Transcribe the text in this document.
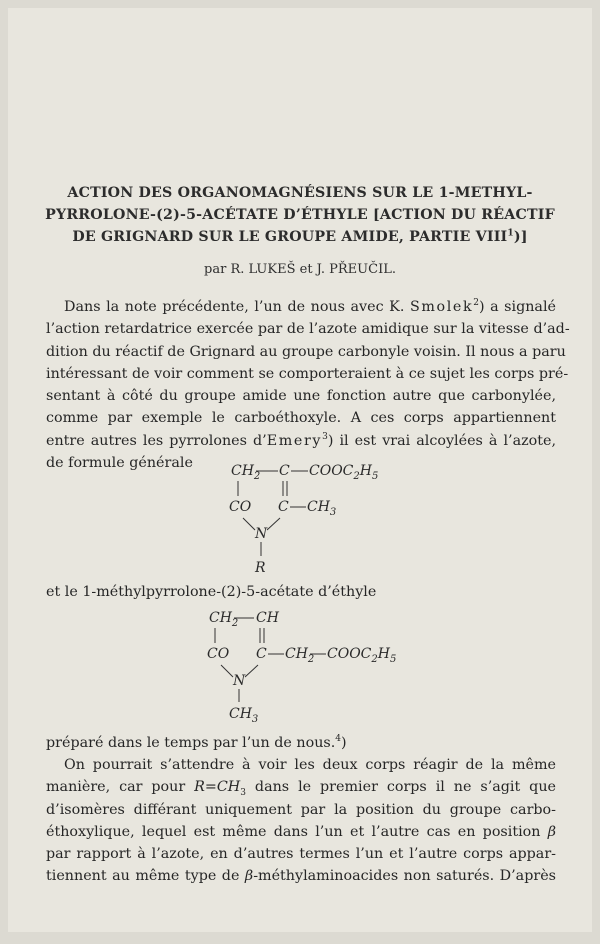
ACTION DES ORGANOMAGNÉSIENS SUR LE 1-METHYL-
PYRROLONE-(2)-5-ACÉTATE D’ÉTHYLE [ACTION DU RÉACTIF
DE GRIGNARD SUR LE GROUPE AMIDE, PARTIE VIII$^1$)]
par R. LUKEŠ et J. PŘEUČIL.
Dans la note précédente, l’un de nous avec K. Smolek$^2$) a signalé
l’action retardatrice exercée par de l’azote amidique sur la vitesse d’ad-
dition du réactif de Grignard au groupe carbonyle voisin. Il nous a paru
intéressant de voir comment se comporteraient à ce sujet les corps pré-
sentant à côté du groupe amide une fonction autre que carbonylée,
comme par exemple le carboéthoxyle. A ces corps appartiennent
entre autres les pyrrolones d’Emery$^3$) il est vrai alcoylées à l’azote,
de formule générale	$CH_2$ C $COOC_2H_5$
CO C $CH_3$
N
R
et le 1-méthylpyrrolone-(2)-5-acétate d’éthyle
$CH_2$ CH
CO C $CH_2$ $COOC_2H_5$
N
$CH_3$
préparé dans le temps par l’un de nous.$^4$)
On pourrait s’attendre à voir les deux corps réagir de la même
manière, car pour $R=CH_3$ dans le premier corps il ne s’agit que
d’isomères différant uniquement par la position du groupe carbo-
éthoxylique, lequel est même dans l’un et l’autre cas en position β
par rapport à l’azote, en d’autres termes l’un et l’autre corps appar-
tiennent au même type de β-méthylaminoacides non saturés. D’après
